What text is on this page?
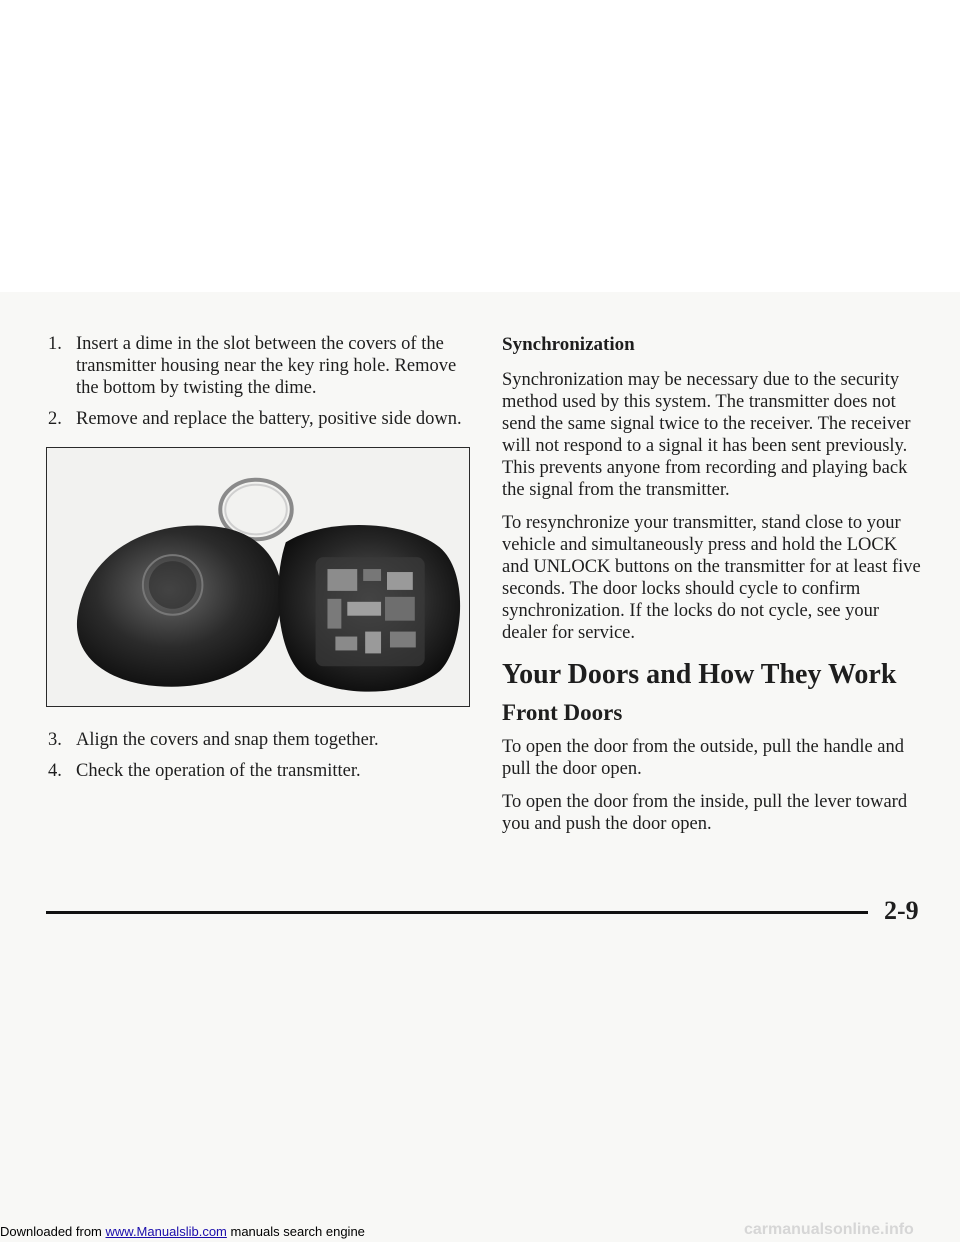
1. Insert a dime in the slot between the covers of the transmitter housing near the key ring hole. Remove the bottom by twisting the dime.
2. Remove and replace the battery, positive side down.
3. Align the covers and snap them together.
4. Check the operation of the transmitter.
Synchronization

Synchronization may be necessary due to the security method used by this system. The transmitter does not send the same signal twice to the receiver. The receiver will not respond to a signal it has been sent previously. This prevents anyone from recording and playing back the signal from the transmitter.

To resynchronize your transmitter, stand close to your vehicle and simultaneously press and hold the LOCK and UNLOCK buttons on the transmitter for at least five seconds. The door locks should cycle to confirm synchronization. If the locks do not cycle, see your dealer for service.

Your Doors and How They Work
Front Doors

To open the door from the outside, pull the handle and pull the door open.

To open the door from the inside, pull the lever toward you and push the door open.

2-9
Downloaded from www.Manualslib.com manuals search engine	carmanualsonline.info
